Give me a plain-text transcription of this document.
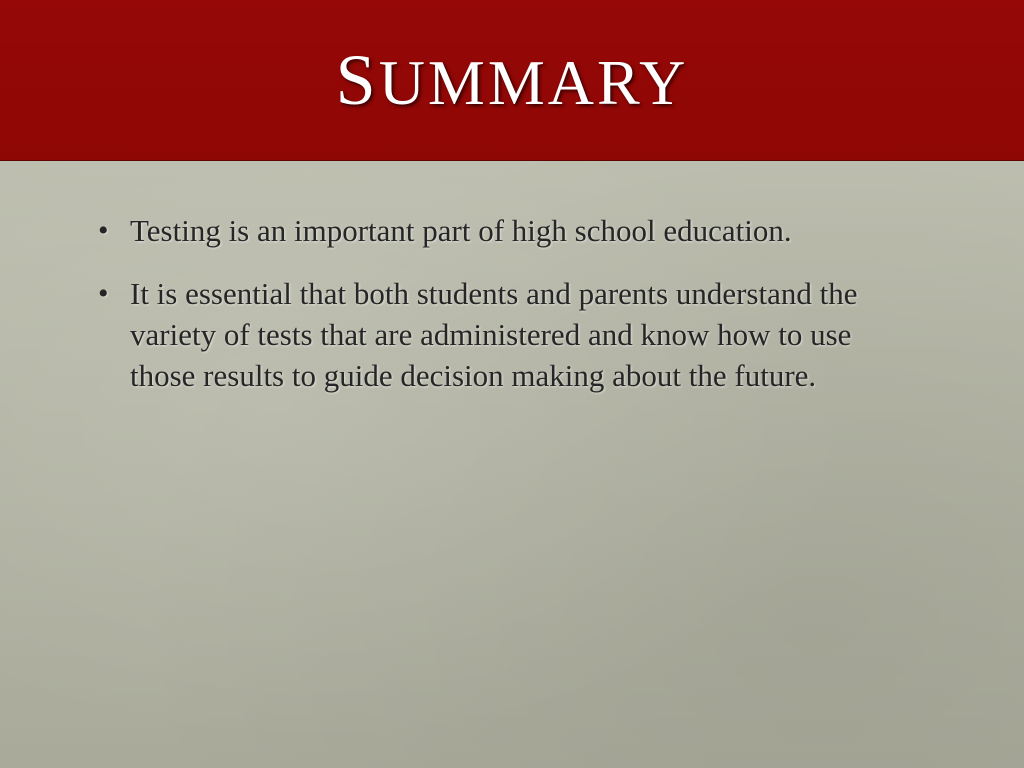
SUMMARY
• Testing is an important part of high school education.
• It is essential that both students and parents understand the variety of tests that are administered and know how to use those results to guide decision making about the future.
